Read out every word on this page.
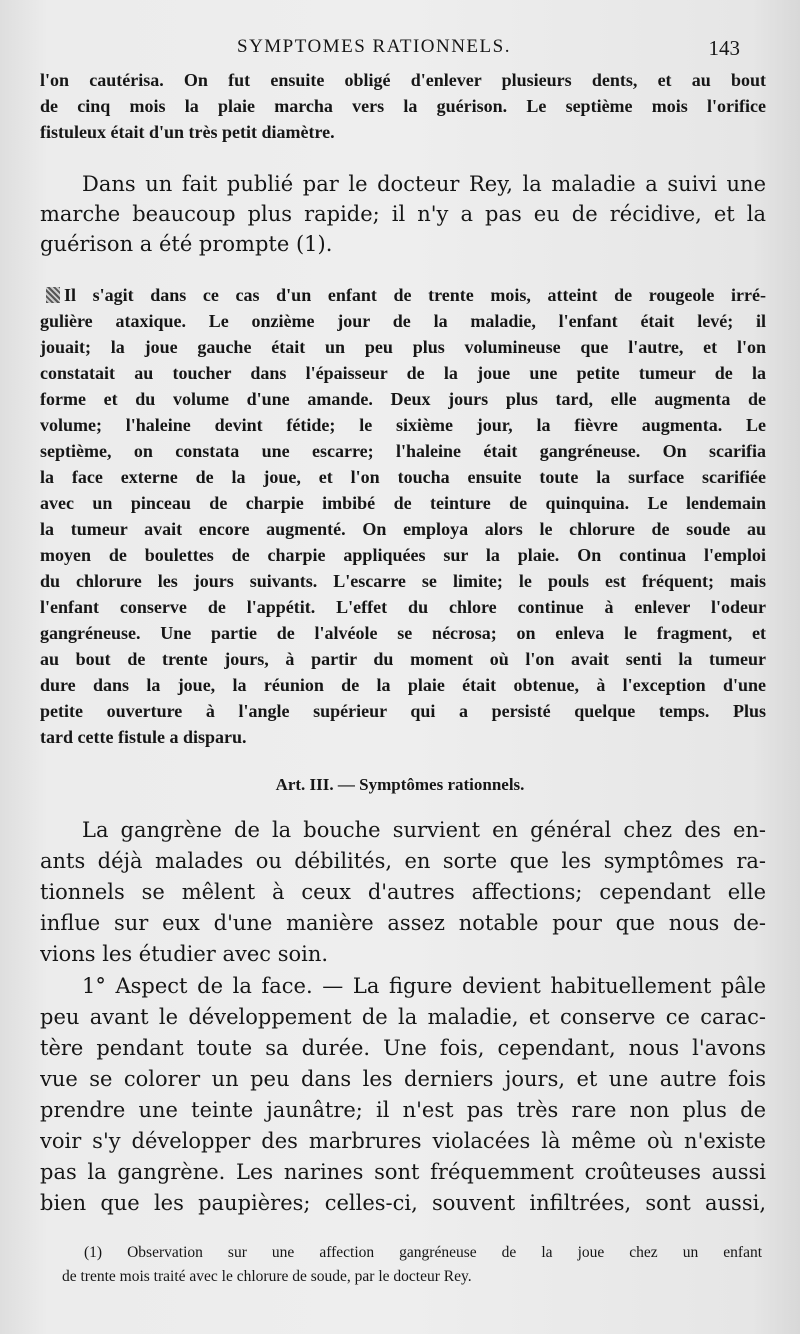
SYMPTOMES RATIONNELS.	143
l'on cautérisa. On fut ensuite obligé d'enlever plusieurs dents, et au bout
de cinq mois la plaie marcha vers la guérison. Le septième mois l'orifice
fistuleux était d'un très petit diamètre.
Dans un fait publié par le docteur Rey, la maladie a suivi une
marche beaucoup plus rapide; il n'y a pas eu de récidive, et la
guérison a été prompte (1).
Il s'agit dans ce cas d'un enfant de trente mois, atteint de rougeole irré-
gulière ataxique. Le onzième jour de la maladie, l'enfant était levé; il
jouait; la joue gauche était un peu plus volumineuse que l'autre, et l'on
constatait au toucher dans l'épaisseur de la joue une petite tumeur de la
forme et du volume d'une amande. Deux jours plus tard, elle augmenta de
volume; l'haleine devint fétide; le sixième jour, la fièvre augmenta. Le
septième, on constata une escarre; l'haleine était gangréneuse. On scarifia
la face externe de la joue, et l'on toucha ensuite toute la surface scarifiée
avec un pinceau de charpie imbibé de teinture de quinquina. Le lendemain
la tumeur avait encore augmenté. On employa alors le chlorure de soude au
moyen de boulettes de charpie appliquées sur la plaie. On continua l'emploi
du chlorure les jours suivants. L'escarre se limite; le pouls est fréquent; mais
l'enfant conserve de l'appétit. L'effet du chlore continue à enlever l'odeur
gangréneuse. Une partie de l'alvéole se nécrosa; on enleva le fragment, et
au bout de trente jours, à partir du moment où l'on avait senti la tumeur
dure dans la joue, la réunion de la plaie était obtenue, à l'exception d'une
petite ouverture à l'angle supérieur qui a persisté quelque temps. Plus
tard cette fistule a disparu.
Art. III. — Symptômes rationnels.
La gangrène de la bouche survient en général chez des en-
ants déjà malades ou débilités, en sorte que les symptômes ra-
tionnels se mêlent à ceux d'autres affections; cependant elle
influe sur eux d'une manière assez notable pour que nous de-
vions les étudier avec soin.
1° Aspect de la face. — La figure devient habituellement pâle
peu avant le développement de la maladie, et conserve ce carac-
tère pendant toute sa durée. Une fois, cependant, nous l'avons
vue se colorer un peu dans les derniers jours, et une autre fois
prendre une teinte jaunâtre; il n'est pas très rare non plus de
voir s'y développer des marbrures violacées là même où n'existe
pas la gangrène. Les narines sont fréquemment croûteuses aussi
bien que les paupières; celles-ci, souvent infiltrées, sont aussi,
(1) Observation sur une affection gangréneuse de la joue chez un enfant
de trente mois traité avec le chlorure de soude, par le docteur Rey.
